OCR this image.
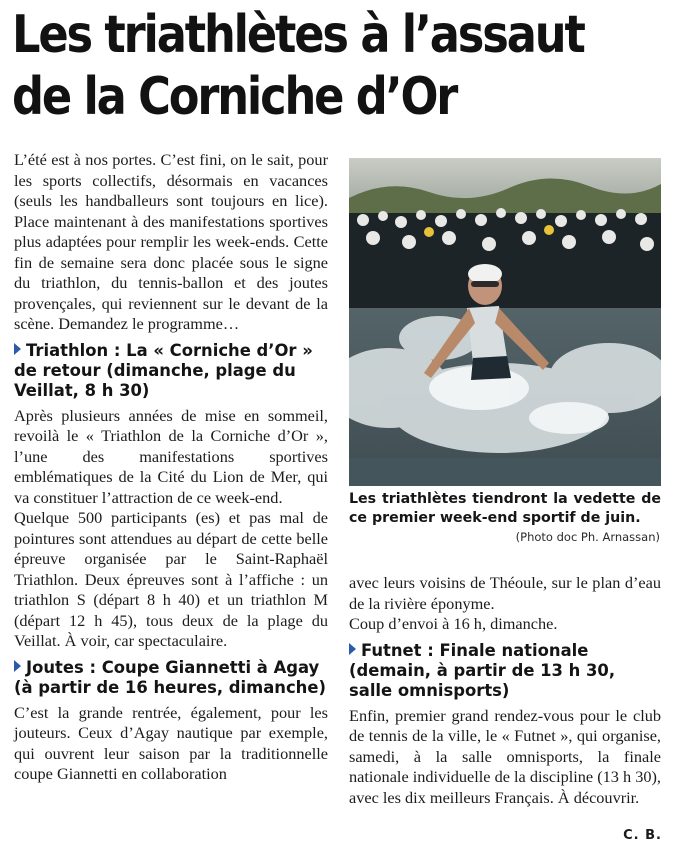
Les triathlètes à l’assaut
de la Corniche d’Or

L’été est à nos portes. C’est fini, on le sait, pour les sports collectifs, désormais en vacances (seuls les handballeurs sont toujours en lice). Place maintenant à des manifestations sportives plus adaptées pour remplir les week-ends. Cette fin de semaine sera donc placée sous le signe du triathlon, du tennis-ballon et des joutes provençales, qui reviennent sur le devant de la scène. Demandez le programme…

Triathlon : La « Corniche d’Or » de retour (dimanche, plage du Veillat, 8 h 30)

Après plusieurs années de mise en sommeil, revoilà le « Triathlon de la Corniche d’Or », l’une des manifestations sportives emblématiques de la Cité du Lion de Mer, qui va constituer l’attraction de ce week-end.

Quelque 500 participants (es) et pas mal de pointures sont attendues au départ de cette belle épreuve organisée par le Saint-Raphaël Triathlon. Deux épreuves sont à l’affiche : un triathlon S (départ 8 h 40) et un triathlon M (départ 12 h 45), tous deux de la plage du Veillat. À voir, car spectaculaire.

Joutes : Coupe Giannetti à Agay (à partir de 16 heures, dimanche)

C’est la grande rentrée, également, pour les jouteurs. Ceux d’Agay nautique par exemple, qui ouvrent leur saison par la traditionnelle coupe Giannetti en collaboration

Les triathlètes tiendront la vedette de ce premier week-end sportif de juin.
(Photo doc Ph. Arnassan)

avec leurs voisins de Théoule, sur le plan d’eau de la rivière éponyme.

Coup d’envoi à 16 h, dimanche.

Futnet : Finale nationale (demain, à partir de 13 h 30, salle omnisports)

Enfin, premier grand rendez-vous pour le club de tennis de la ville, le « Futnet », qui organise, samedi, à la salle omnisports, la finale nationale individuelle de la discipline (13 h 30), avec les dix meilleurs Français. À découvrir.

C. B.
